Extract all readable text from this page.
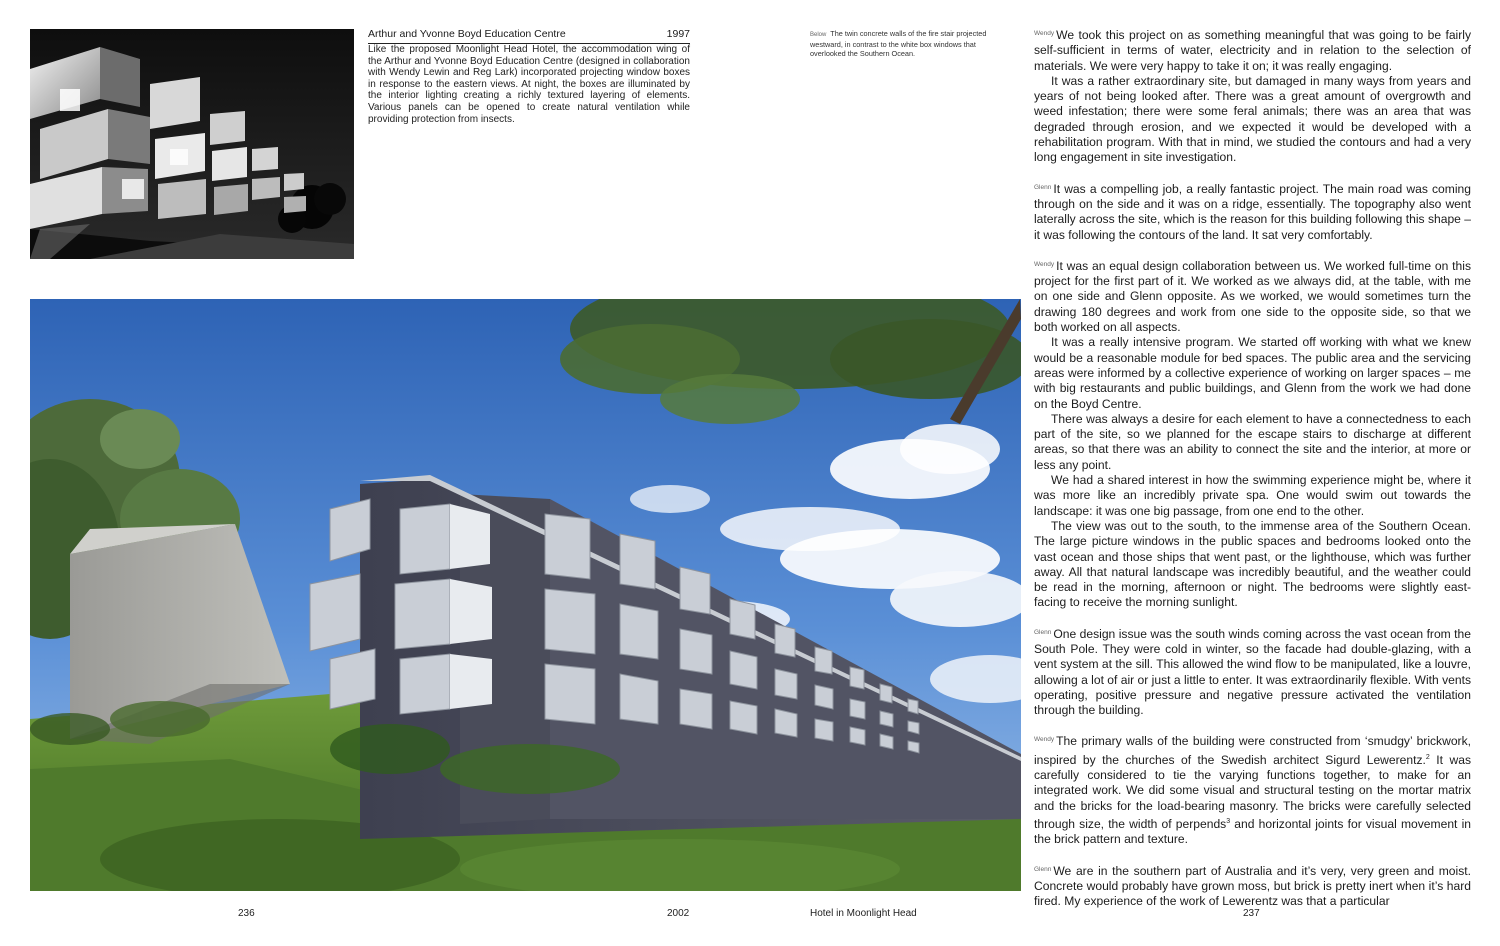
Arthur and Yvonne Boyd Education Centre	1997
Like the proposed Moonlight Head Hotel, the accommodation wing of the Arthur and Yvonne Boyd Education Centre (designed in collaboration with Wendy Lewin and Reg Lark) incorporated projecting window boxes in response to the eastern views. At night, the boxes are illuminated by the interior lighting creating a richly textured layering of elements. Various panels can be opened to create natural ventilation while providing protection from insects.
Below The twin concrete walls of the fire stair projected westward, in contrast to the white box windows that overlooked the Southern Ocean.

$^{Wendy}$ We took this project on as something meaningful that was going to be fairly self-sufficient in terms of water, electricity and in relation to the selection of materials. We were very happy to take it on; it was really engaging.

It was a rather extraordinary site, but damaged in many ways from years and years of not being looked after. There was a great amount of overgrowth and weed infestation; there were some feral animals; there was an area that was degraded through erosion, and we expected it would be developed with a rehabilitation program. With that in mind, we studied the contours and had a very long engagement in site investigation.

$^{Glenn}$ It was a compelling job, a really fantastic project. The main road was coming through on the side and it was on a ridge, essentially. The topography also went laterally across the site, which is the reason for this building following this shape – it was following the contours of the land. It sat very comfortably.

$^{Wendy}$ It was an equal design collaboration between us. We worked full-time on this project for the first part of it. We worked as we always did, at the table, with me on one side and Glenn opposite. As we worked, we would sometimes turn the drawing 180 degrees and work from one side to the opposite side, so that we both worked on all aspects.

It was a really intensive program. We started off working with what we knew would be a reasonable module for bed spaces. The public area and the servicing areas were informed by a collective experience of working on larger spaces – me with big restaurants and public buildings, and Glenn from the work we had done on the Boyd Centre.

There was always a desire for each element to have a connectedness to each part of the site, so we planned for the escape stairs to discharge at different areas, so that there was an ability to connect the site and the interior, at more or less any point.

We had a shared interest in how the swimming experience might be, where it was more like an incredibly private spa. One would swim out towards the landscape: it was one big passage, from one end to the other.

The view was out to the south, to the immense area of the Southern Ocean. The large picture windows in the public spaces and bedrooms looked onto the vast ocean and those ships that went past, or the lighthouse, which was further away. All that natural landscape was incredibly beautiful, and the weather could be read in the morning, afternoon or night. The bedrooms were slightly east-facing to receive the morning sunlight.

$^{Glenn}$ One design issue was the south winds coming across the vast ocean from the South Pole. They were cold in winter, so the facade had double-glazing, with a vent system at the sill. This allowed the wind flow to be manipulated, like a louvre, allowing a lot of air or just a little to enter. It was extraordinarily flexible. With vents operating, positive pressure and negative pressure activated the ventilation through the building.

$^{Wendy}$ The primary walls of the building were constructed from ‘smudgy’ brickwork, inspired by the churches of the Swedish architect Sigurd Lewerentz.$^2$ It was carefully considered to tie the varying functions together, to make for an integrated work. We did some visual and structural testing on the mortar matrix and the bricks for the load-bearing masonry. The bricks were carefully selected through size, the width of perpends$^3$ and horizontal joints for visual movement in the brick pattern and texture.

$^{Glenn}$ We are in the southern part of Australia and it’s very, very green and moist. Concrete would probably have grown moss, but brick is pretty inert when it’s hard fired. My experience of the work of Lewerentz was that a particular

236	2002	Hotel in Moonlight Head	237
